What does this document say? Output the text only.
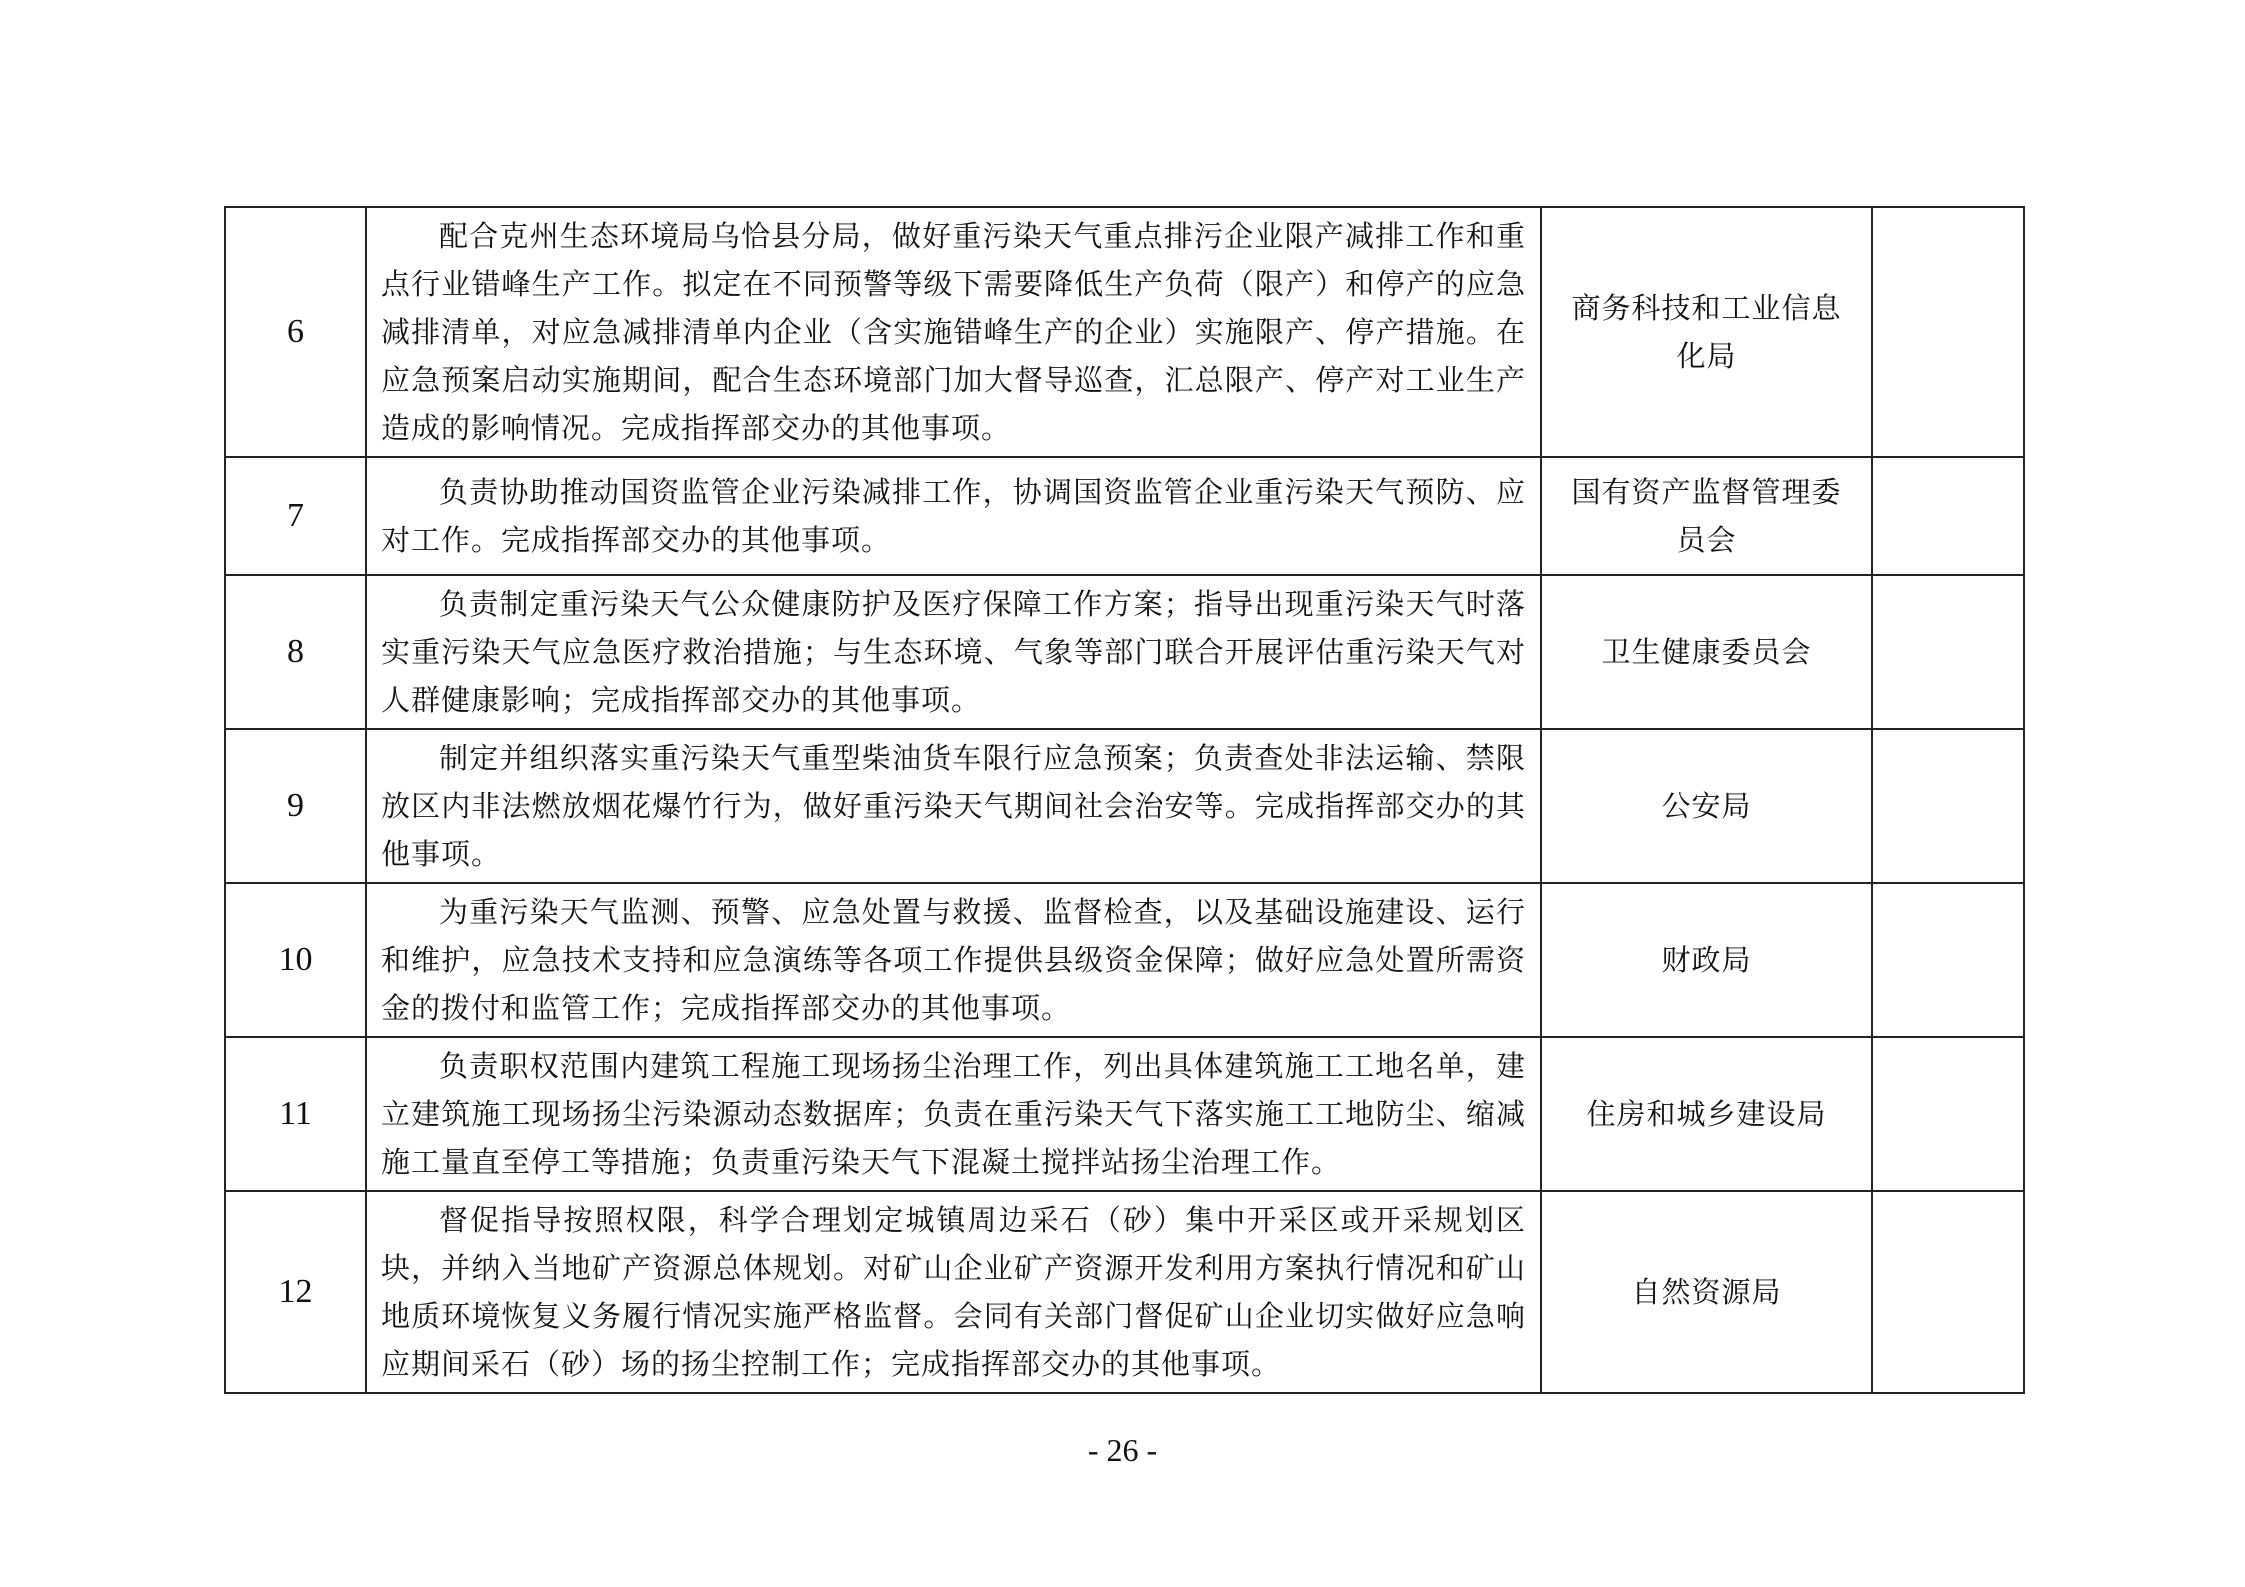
6	配合克州生态环境局乌恰县分局，做好重污染天气重点排污企业限产减排工作和重点行业错峰生产工作。拟定在不同预警等级下需要降低生产负荷（限产）和停产的应急减排清单，对应急减排清单内企业（含实施错峰生产的企业）实施限产、停产措施。在应急预案启动实施期间，配合生态环境部门加大督导巡查，汇总限产、停产对工业生产造成的影响情况。完成指挥部交办的其他事项。	商务科技和工业信息化局	
7	负责协助推动国资监管企业污染减排工作，协调国资监管企业重污染天气预防、应对工作。完成指挥部交办的其他事项。	国有资产监督管理委员会	
8	负责制定重污染天气公众健康防护及医疗保障工作方案；指导出现重污染天气时落实重污染天气应急医疗救治措施；与生态环境、气象等部门联合开展评估重污染天气对人群健康影响；完成指挥部交办的其他事项。	卫生健康委员会	
9	制定并组织落实重污染天气重型柴油货车限行应急预案；负责查处非法运输、禁限放区内非法燃放烟花爆竹行为，做好重污染天气期间社会治安等。完成指挥部交办的其他事项。	公安局	
10	为重污染天气监测、预警、应急处置与救援、监督检查，以及基础设施建设、运行和维护，应急技术支持和应急演练等各项工作提供县级资金保障；做好应急处置所需资金的拨付和监管工作；完成指挥部交办的其他事项。	财政局	
11	负责职权范围内建筑工程施工现场扬尘治理工作，列出具体建筑施工工地名单，建立建筑施工现场扬尘污染源动态数据库；负责在重污染天气下落实施工工地防尘、缩减施工量直至停工等措施；负责重污染天气下混凝土搅拌站扬尘治理工作。	住房和城乡建设局	
12	督促指导按照权限，科学合理划定城镇周边采石（砂）集中开采区或开采规划区块，并纳入当地矿产资源总体规划。对矿山企业矿产资源开发利用方案执行情况和矿山地质环境恢复义务履行情况实施严格监督。会同有关部门督促矿山企业切实做好应急响应期间采石（砂）场的扬尘控制工作；完成指挥部交办的其他事项。	自然资源局	
- 26 -
